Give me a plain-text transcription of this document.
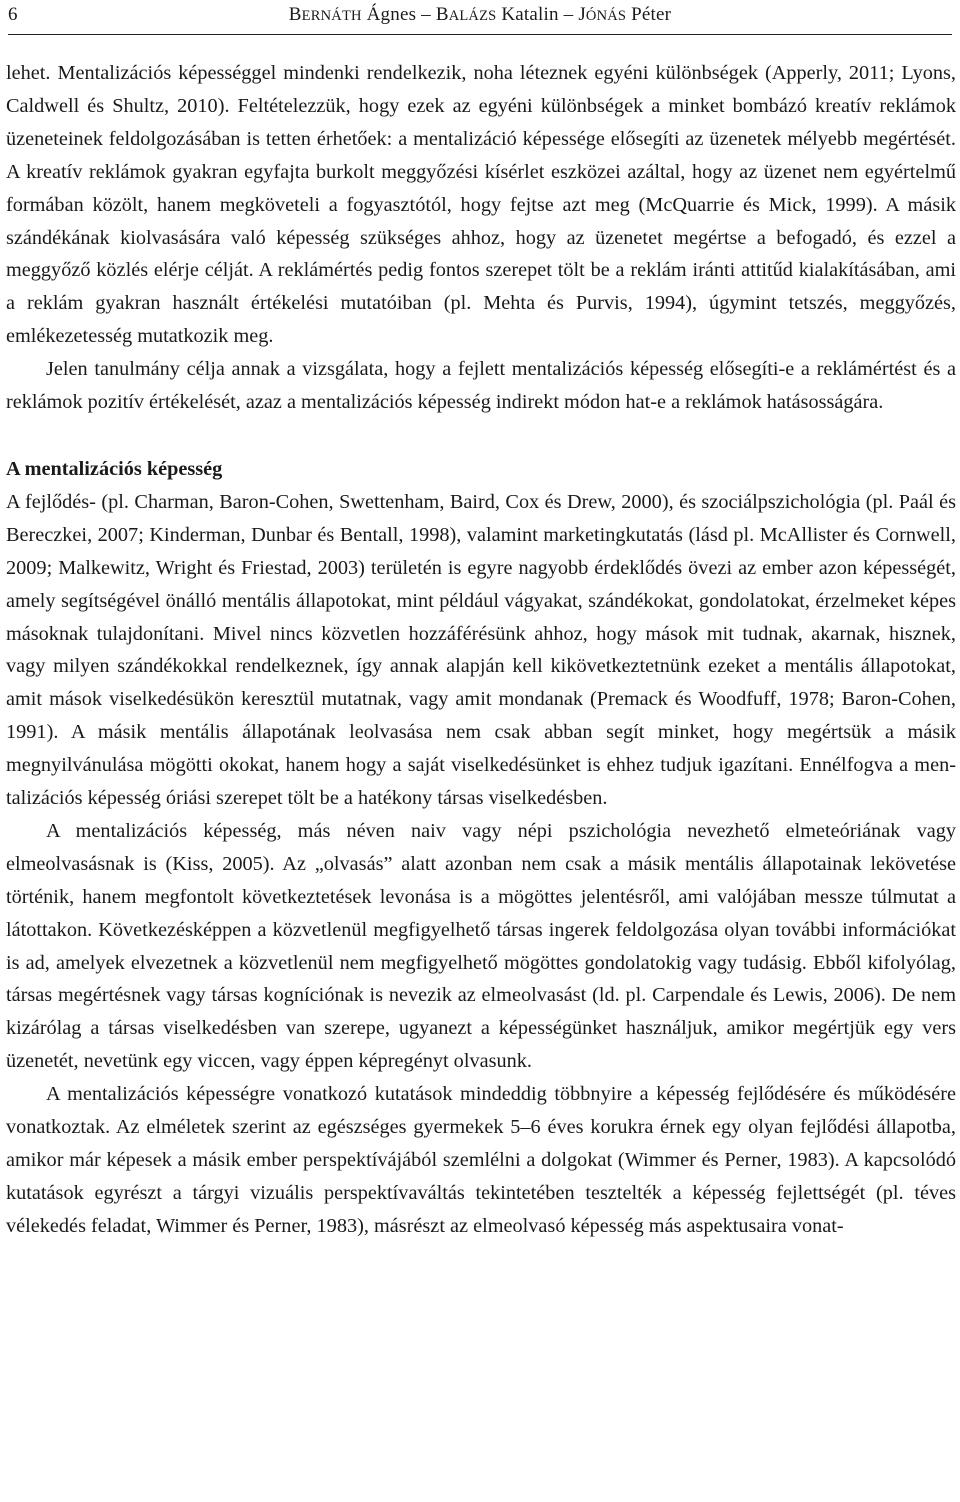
6	BERNÁTH Ágnes – BALÁZS Katalin – JÓNÁS Péter

lehet. Mentalizációs képességgel mindenki rendelkezik, noha léteznek egyéni különbségek (Apperly, 2011; Lyons, Caldwell és Shultz, 2010). Feltételezzük, hogy ezek az egyéni különbségek a minket bombázó kreatív reklámok üzeneteinek feldolgozásában is tetten érhetőek: a mentalizáció képessége elősegíti az üzenetek mélyebb megértését. A kreatív reklámok gyakran egyfajta burkolt meggyőzési kísérlet eszközei azáltal, hogy az üzenet nem egyértelmű formában közölt, hanem megköveteli a fogyasztótól, hogy fejtse azt meg (McQuarrie és Mick, 1999). A másik szándékának kiolvasására való képesség szükséges ahhoz, hogy az üzenetet megértse a befogadó, és ezzel a meggyőző közlés elérje célját. A reklámértés pedig fontos szerepet tölt be a reklám iránti attitűd kialakításában, ami a reklám gyakran használt értékelési mutatóiban (pl. Mehta és Purvis, 1994), úgymint tetszés, meggyőzés, emlékezetesség mutatkozik meg.

Jelen tanulmány célja annak a vizsgálata, hogy a fejlett mentalizációs képesség elősegíti-e a reklámértést és a reklámok pozitív értékelését, azaz a mentalizációs képesség indirekt módon hat-e a reklámok hatásosságára.

A mentalizációs képesség

A fejlődés- (pl. Charman, Baron-Cohen, Swettenham, Baird, Cox és Drew, 2000), és szociálpszichológia (pl. Paál és Bereczkei, 2007; Kinderman, Dunbar és Bentall, 1998), valamint marketingkutatás (lásd pl. McAllister és Cornwell, 2009; Malkewitz, Wright és Friestad, 2003) területén is egyre nagyobb érdeklődés övezi az ember azon képességét, amely segítségével önálló mentális állapotokat, mint például vágyakat, szándékokat, gondolatokat, érzelmeket képes másoknak tulajdonítani. Mivel nincs közvetlen hozzáférésünk ahhoz, hogy mások mit tudnak, akarnak, hisznek, vagy milyen szándékokkal rendelkeznek, így annak alapján kell kikövetkeztetnünk ezeket a mentális állapotokat, amit mások viselkedésükön keresztül mutatnak, vagy amit mondanak (Premack és Woodfuff, 1978; Baron-Cohen, 1991). A másik mentális állapotának leolvasása nem csak abban segít minket, hogy megértsük a másik megnyilvánulása mögötti okokat, hanem hogy a saját viselkedésünket is ehhez tudjuk igazítani. Ennélfogva a mentalizációs képesség óriási szerepet tölt be a hatékony társas viselkedésben.

A mentalizációs képesség, más néven naiv vagy népi pszichológia nevezhető elmeteóriának vagy elmeolvasásnak is (Kiss, 2005). Az „olvasás” alatt azonban nem csak a másik mentális állapotainak lekövetése történik, hanem megfontolt következtetések levonása is a mögöttes jelentésről, ami valójában messze túlmutat a látottakon. Következésképpen a közvetlenül megfigyelhető társas ingerek feldolgozása olyan további információkat is ad, amelyek elvezetnek a közvetlenül nem megfigyelhető mögöttes gondolatokig vagy tudásig. Ebből kifolyólag, társas megértésnek vagy társas kogníciónak is nevezik az elmeolvasást (ld. pl. Carpendale és Lewis, 2006). De nem kizárólag a társas viselkedésben van szerepe, ugyanezt a képességünket használjuk, amikor megértjük egy vers üzenetét, nevetünk egy viccen, vagy éppen képregényt olvasunk.

A mentalizációs képességre vonatkozó kutatások mindeddig többnyire a képesség fejlődésére és működésére vonatkoztak. Az elméletek szerint az egészséges gyermekek 5–6 éves korukra érnek egy olyan fejlődési állapotba, amikor már képesek a másik ember perspektívájából szemlélni a dolgokat (Wimmer és Perner, 1983). A kapcsolódó kutatások egyrészt a tárgyi vizuális perspektívaváltás tekintetében tesztelték a képesség fejlettségét (pl. téves vélekedés feladat, Wimmer és Perner, 1983), másrészt az elmeolvasó képesség más aspektusaira vonat-
